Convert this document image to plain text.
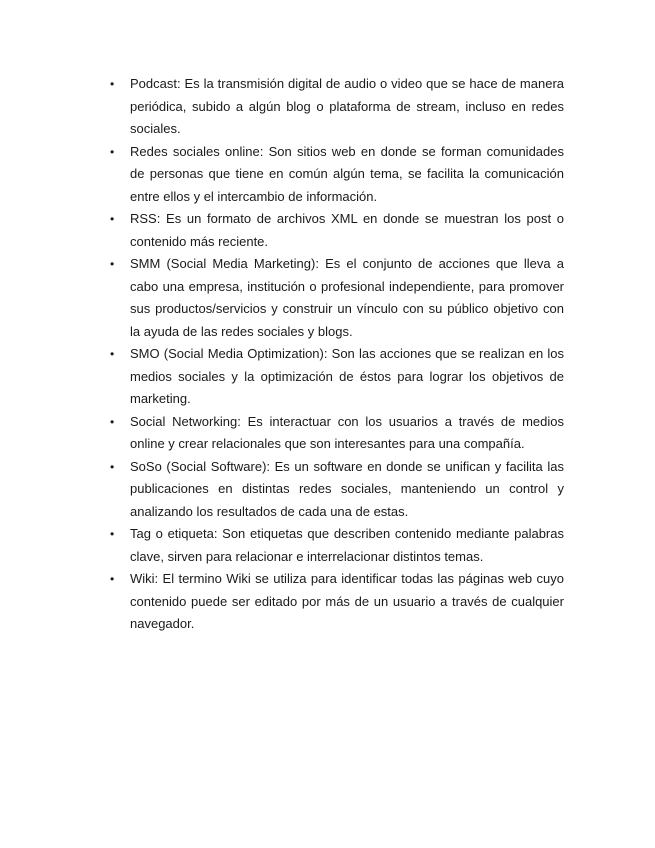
• Podcast: Es la transmisión digital de audio o video que se hace de manera periódica, subido a algún blog o plataforma de stream, incluso en redes sociales.
• Redes sociales online: Son sitios web en donde se forman comunidades de personas que tiene en común algún tema, se facilita la comunicación entre ellos y el intercambio de información.
• RSS: Es un formato de archivos XML en donde se muestran los post o contenido más reciente.
• SMM (Social Media Marketing): Es el conjunto de acciones que lleva a cabo una empresa, institución o profesional independiente, para promover sus productos/servicios y construir un vínculo con su público objetivo con la ayuda de las redes sociales y blogs.
• SMO (Social Media Optimization): Son las acciones que se realizan en los medios sociales y la optimización de éstos para lograr los objetivos de marketing.
• Social Networking: Es interactuar con los usuarios a través de medios online y crear relacionales que son interesantes para una compañía.
• SoSo (Social Software): Es un software en donde se unifican y facilita las publicaciones en distintas redes sociales, manteniendo un control y analizando los resultados de cada una de estas.
• Tag o etiqueta: Son etiquetas que describen contenido mediante palabras clave, sirven para relacionar e interrelacionar distintos temas.
• Wiki: El termino Wiki se utiliza para identificar todas las páginas web cuyo contenido puede ser editado por más de un usuario a través de cualquier navegador.
